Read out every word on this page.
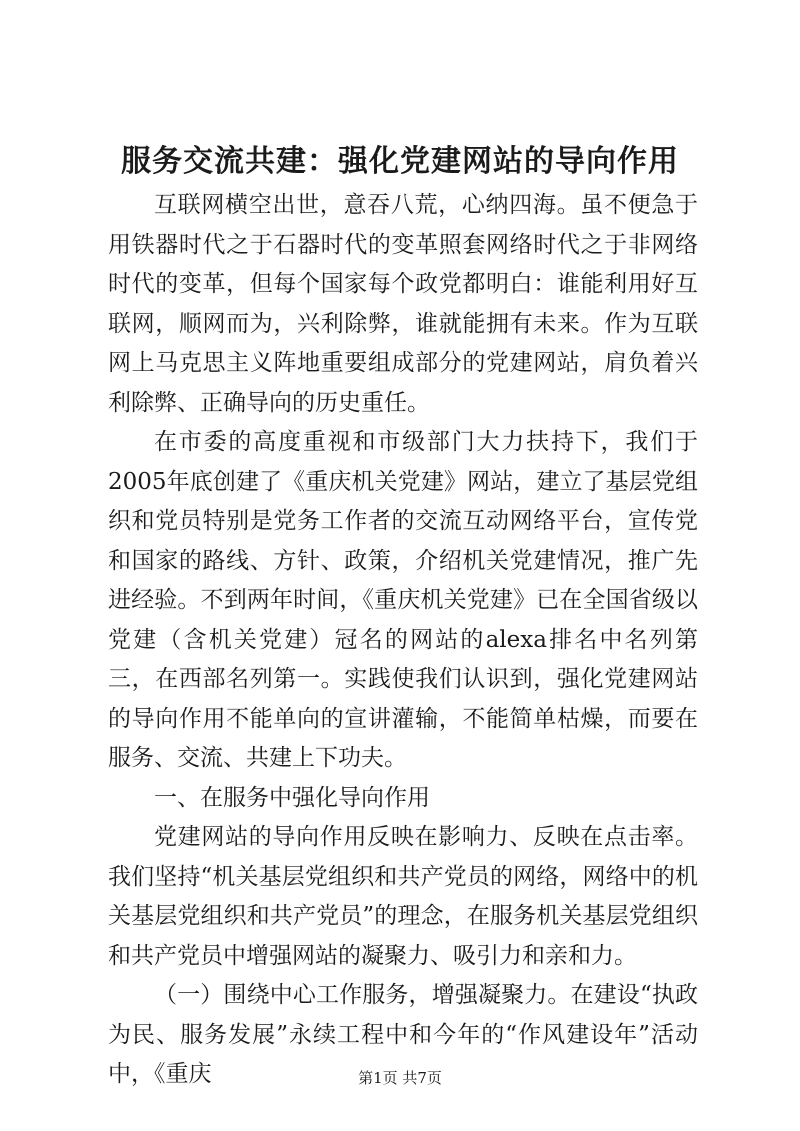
服务交流共建：强化党建网站的导向作用

互联网横空出世，意吞八荒，心纳四海。虽不便急于用铁器时代之于石器时代的变革照套网络时代之于非网络时代的变革，但每个国家每个政党都明白：谁能利用好互联网，顺网而为，兴利除弊，谁就能拥有未来。作为互联网上马克思主义阵地重要组成部分的党建网站，肩负着兴利除弊、正确导向的历史重任。

在市委的高度重视和市级部门大力扶持下，我们于2005年底创建了《重庆机关党建》网站，建立了基层党组织和党员特别是党务工作者的交流互动网络平台，宣传党和国家的路线、方针、政策，介绍机关党建情况，推广先进经验。不到两年时间，《重庆机关党建》已在全国省级以党建（含机关党建）冠名的网站的alexa排名中名列第三，在西部名列第一。实践使我们认识到，强化党建网站的导向作用不能单向的宣讲灌输，不能简单枯燥，而要在服务、交流、共建上下功夫。

一、在服务中强化导向作用

党建网站的导向作用反映在影响力、反映在点击率。我们坚持“机关基层党组织和共产党员的网络，网络中的机关基层党组织和共产党员”的理念，在服务机关基层党组织和共产党员中增强网站的凝聚力、吸引力和亲和力。

（一）围绕中心工作服务，增强凝聚力。在建设“执政为民、服务发展”永续工程中和今年的“作风建设年”活动中，《重庆	第1页 共7页
